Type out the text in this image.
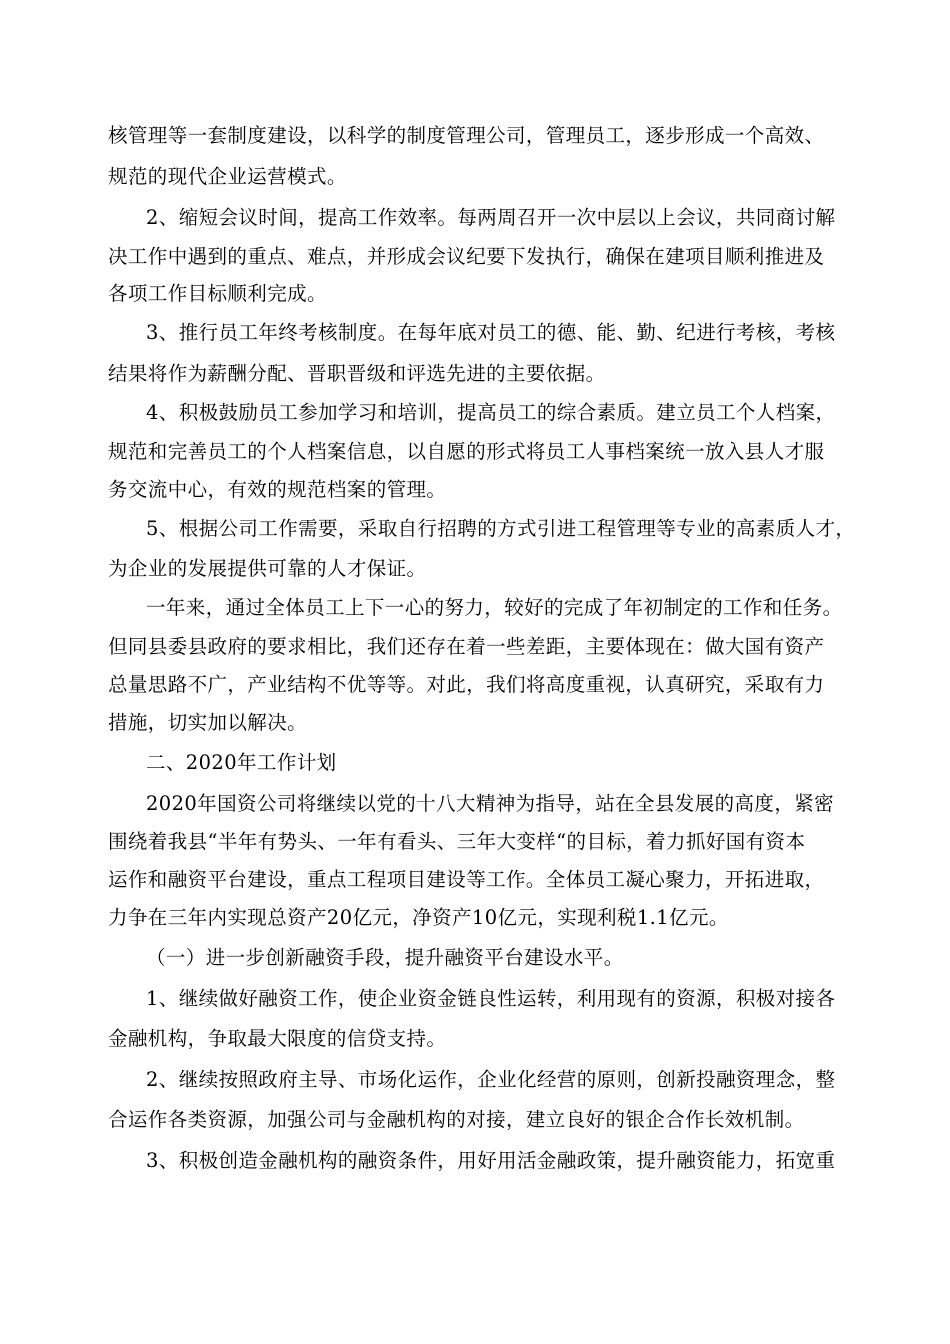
核管理等一套制度建设，以科学的制度管理公司，管理员工，逐步形成一个高效、
规范的现代企业运营模式。
2、缩短会议时间，提高工作效率。每两周召开一次中层以上会议，共同商讨解
决工作中遇到的重点、难点，并形成会议纪要下发执行，确保在建项目顺利推进及
各项工作目标顺利完成。
3、推行员工年终考核制度。在每年底对员工的德、能、勤、纪进行考核，考核
结果将作为薪酬分配、晋职晋级和评选先进的主要依据。
4、积极鼓励员工参加学习和培训，提高员工的综合素质。建立员工个人档案，
规范和完善员工的个人档案信息，以自愿的形式将员工人事档案统一放入县人才服
务交流中心，有效的规范档案的管理。
5、根据公司工作需要，采取自行招聘的方式引进工程管理等专业的高素质人才，
为企业的发展提供可靠的人才保证。
一年来，通过全体员工上下一心的努力，较好的完成了年初制定的工作和任务。
但同县委县政府的要求相比，我们还存在着一些差距，主要体现在：做大国有资产
总量思路不广，产业结构不优等等。对此，我们将高度重视，认真研究，采取有力
措施，切实加以解决。
二、2020年工作计划
2020年国资公司将继续以党的十八大精神为指导，站在全县发展的高度，紧密
围绕着我县“半年有势头、一年有看头、三年大变样“的目标，着力抓好国有资本
运作和融资平台建设，重点工程项目建设等工作。全体员工凝心聚力，开拓进取，
力争在三年内实现总资产20亿元，净资产10亿元，实现利税1.1亿元。
（一）进一步创新融资手段，提升融资平台建设水平。
1、继续做好融资工作，使企业资金链良性运转，利用现有的资源，积极对接各
金融机构，争取最大限度的信贷支持。
2、继续按照政府主导、市场化运作，企业化经营的原则，创新投融资理念，整
合运作各类资源，加强公司与金融机构的对接，建立良好的银企合作长效机制。
3、积极创造金融机构的融资条件，用好用活金融政策，提升融资能力，拓宽重
